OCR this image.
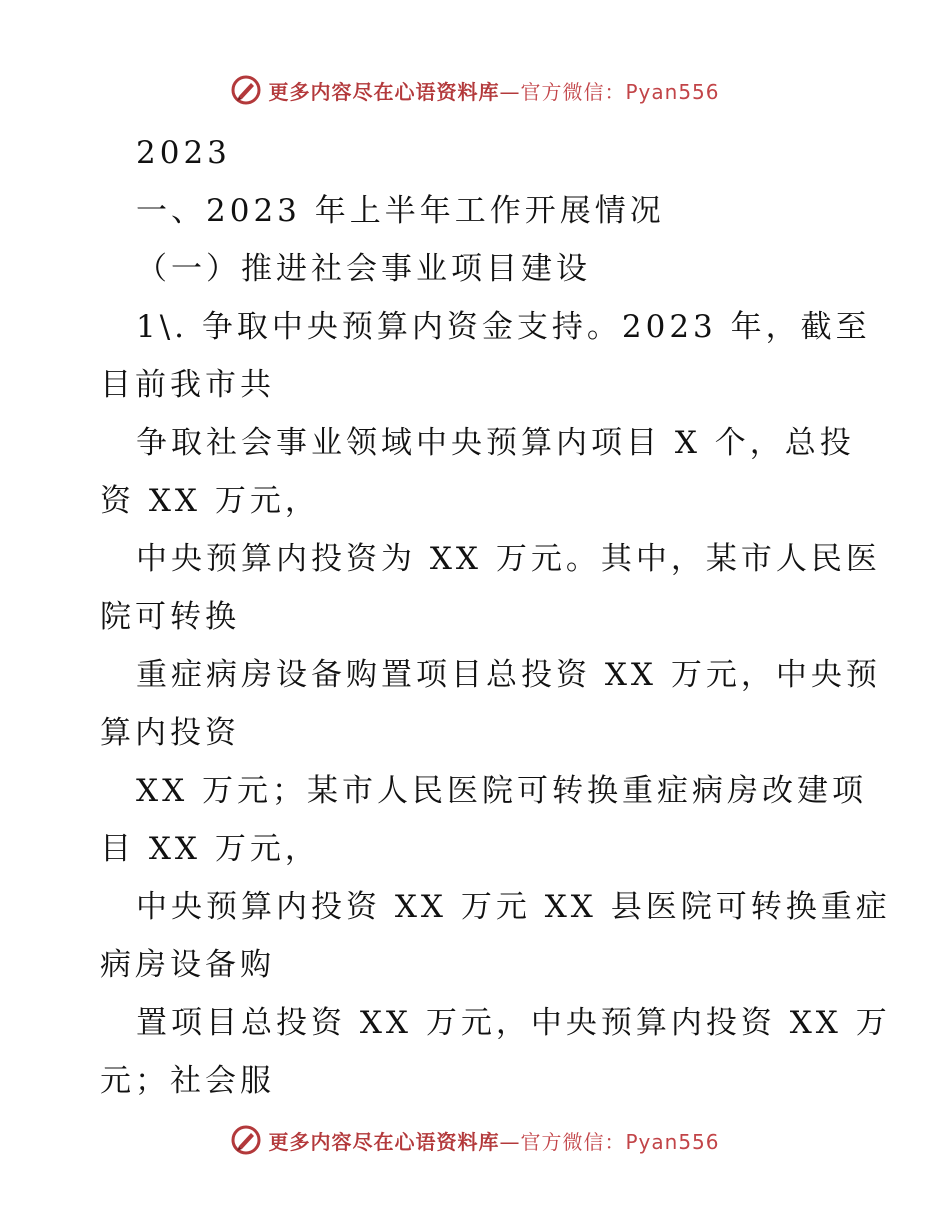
更多内容尽在心语资料库—官方微信：Pyan556
2023
一、2023 年上半年工作开展情况
（一）推进社会事业项目建设
1\. 争取中央预算内资金支持。2023 年，截至
目前我市共
争取社会事业领域中央预算内项目 X 个，总投
资 XX 万元，
中央预算内投资为 XX 万元。其中，某市人民医
院可转换
重症病房设备购置项目总投资 XX 万元，中央预
算内投资
XX 万元；某市人民医院可转换重症病房改建项
目 XX 万元，
中央预算内投资 XX 万元 XX 县医院可转换重症
病房设备购
置项目总投资 XX 万元，中央预算内投资 XX 万
元；社会服
更多内容尽在心语资料库—官方微信：Pyan556
